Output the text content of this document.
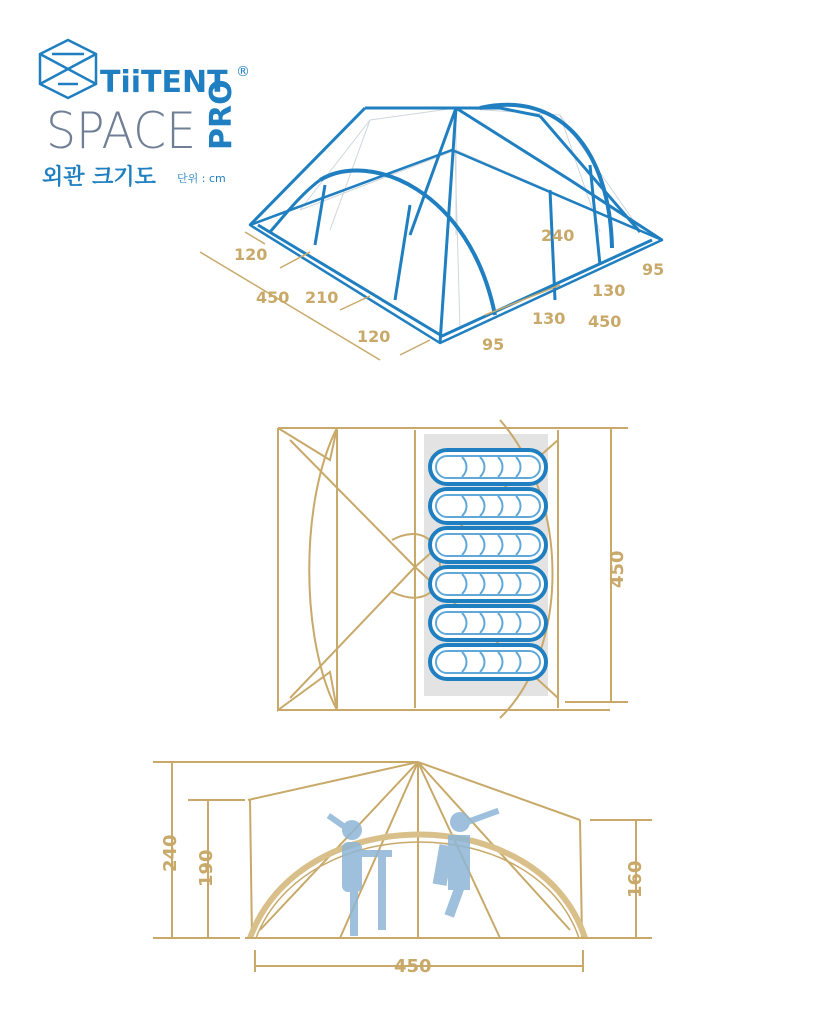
TiiTENT ®
SPACE PRO
외관 크기도 단위 : cm
120
450 210
120	95
240
130
450
95
130
450
240 190	160
450
